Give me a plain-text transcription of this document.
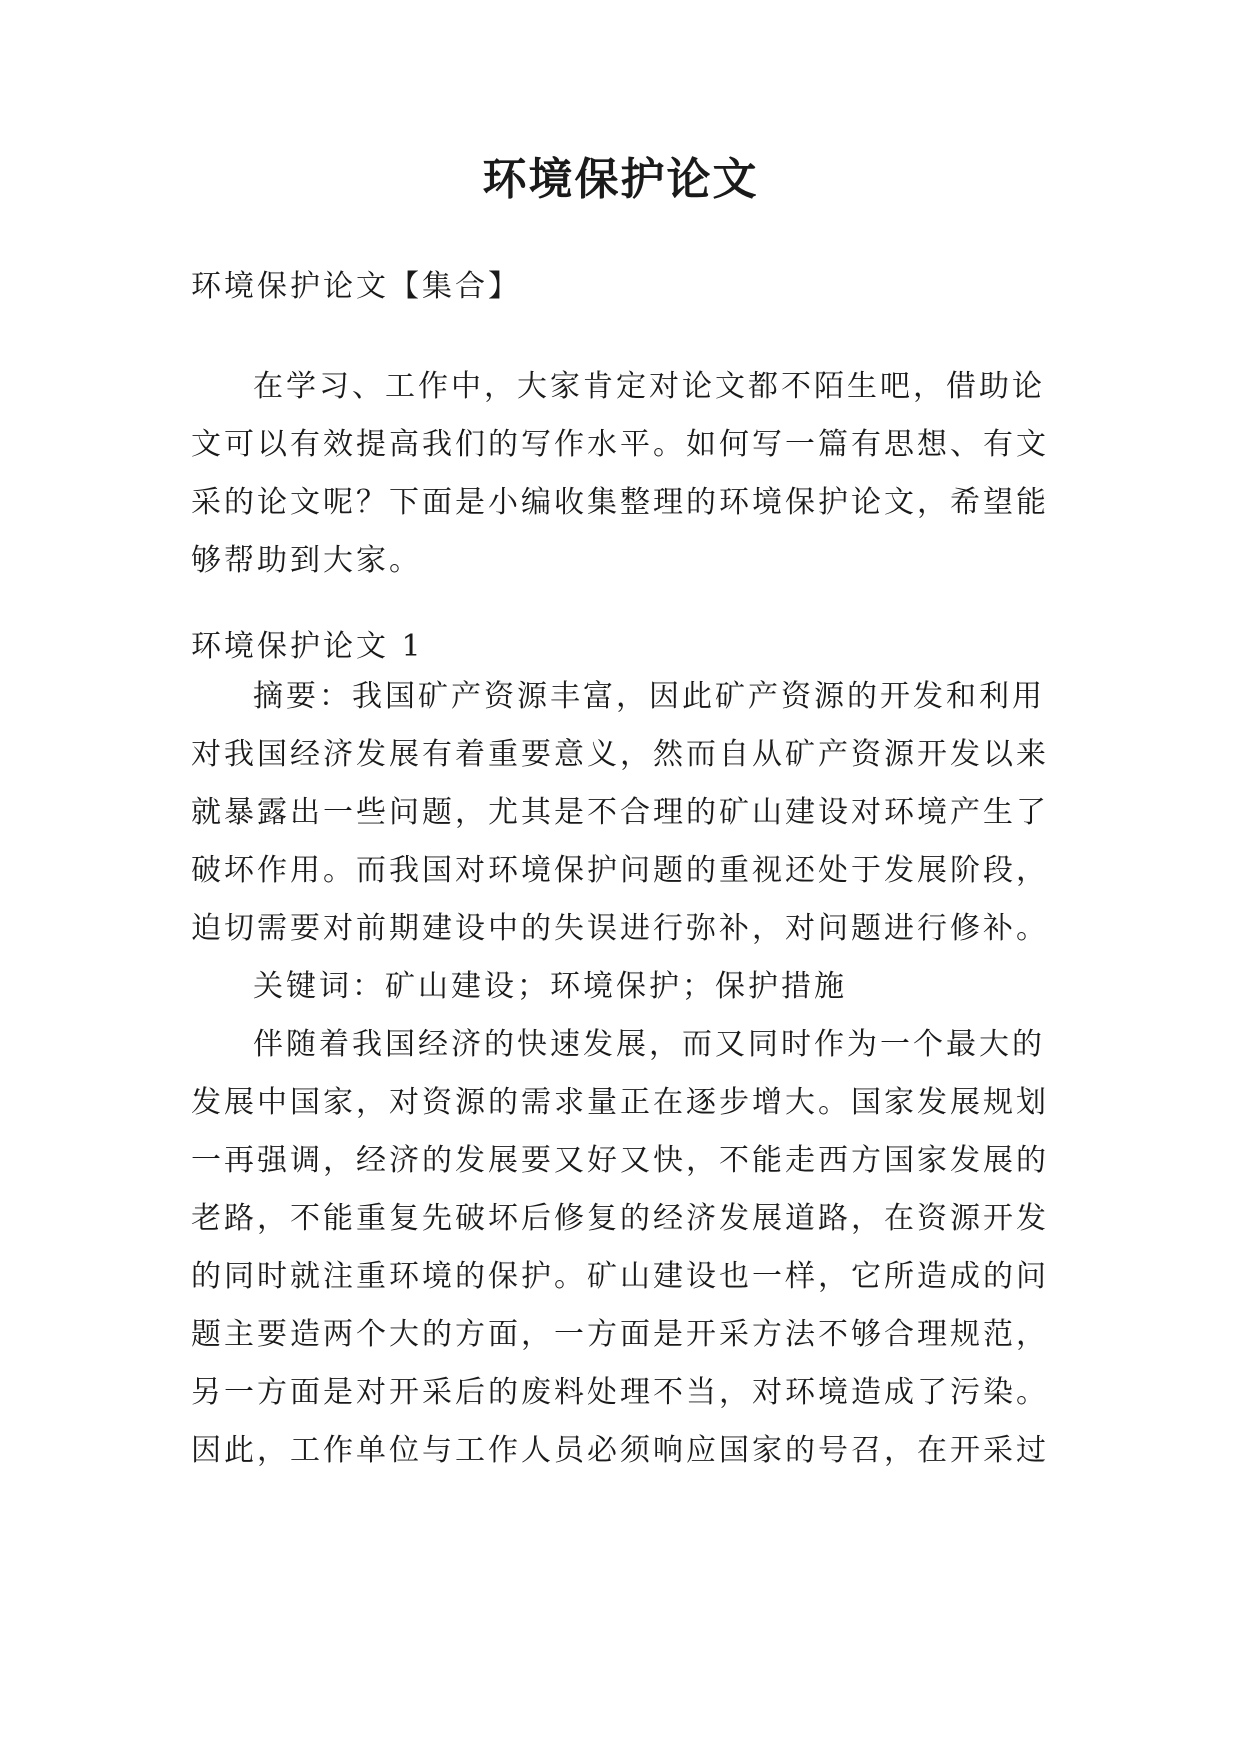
环境保护论文

环境保护论文【集合】

在学习、工作中，大家肯定对论文都不陌生吧，借助论
文可以有效提高我们的写作水平。如何写一篇有思想、有文
采的论文呢？下面是小编收集整理的环境保护论文，希望能
够帮助到大家。

环境保护论文 1

摘要：我国矿产资源丰富，因此矿产资源的开发和利用
对我国经济发展有着重要意义，然而自从矿产资源开发以来
就暴露出一些问题，尤其是不合理的矿山建设对环境产生了
破坏作用。而我国对环境保护问题的重视还处于发展阶段，
迫切需要对前期建设中的失误进行弥补，对问题进行修补。

关键词：矿山建设；环境保护；保护措施

伴随着我国经济的快速发展，而又同时作为一个最大的
发展中国家，对资源的需求量正在逐步增大。国家发展规划
一再强调，经济的发展要又好又快，不能走西方国家发展的
老路，不能重复先破坏后修复的经济发展道路，在资源开发
的同时就注重环境的保护。矿山建设也一样，它所造成的问
题主要造两个大的方面，一方面是开采方法不够合理规范，
另一方面是对开采后的废料处理不当，对环境造成了污染。
因此，工作单位与工作人员必须响应国家的号召，在开采过
